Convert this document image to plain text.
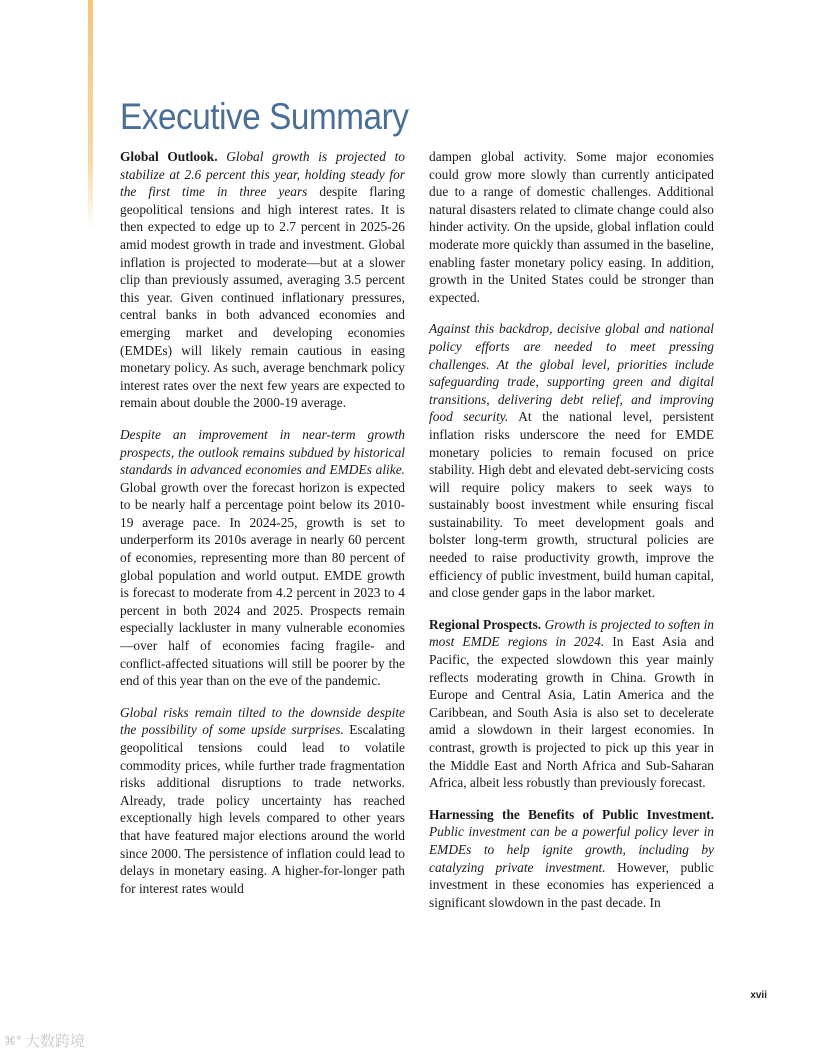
Executive Summary

Global Outlook. Global growth is projected to stabilize at 2.6 percent this year, holding steady for the first time in three years despite flaring geopolitical tensions and high interest rates. It is then expected to edge up to 2.7 percent in 2025-26 amid modest growth in trade and investment. Global inflation is projected to moderate—but at a slower clip than previously assumed, averaging 3.5 percent this year. Given continued inflationary pressures, central banks in both advanced economies and emerging market and developing economies (EMDEs) will likely remain cautious in easing monetary policy. As such, average benchmark policy interest rates over the next few years are expected to remain about double the 2000-19 average.

Despite an improvement in near-term growth prospects, the outlook remains subdued by historical standards in advanced economies and EMDEs alike. Global growth over the forecast horizon is expected to be nearly half a percentage point below its 2010-19 average pace. In 2024-25, growth is set to underperform its 2010s average in nearly 60 percent of economies, representing more than 80 percent of global population and world output. EMDE growth is forecast to moderate from 4.2 percent in 2023 to 4 percent in both 2024 and 2025. Prospects remain especially lackluster in many vulnerable economies—over half of economies facing fragile- and conflict-affected situations will still be poorer by the end of this year than on the eve of the pandemic.

Global risks remain tilted to the downside despite the possibility of some upside surprises. Escalating geopolitical tensions could lead to volatile commodity prices, while further trade fragmentation risks additional disruptions to trade networks. Already, trade policy uncertainty has reached exceptionally high levels compared to other years that have featured major elections around the world since 2000. The persistence of inflation could lead to delays in monetary easing. A higher-for-longer path for interest rates would

dampen global activity. Some major economies could grow more slowly than currently anticipated due to a range of domestic challenges. Additional natural disasters related to climate change could also hinder activity. On the upside, global inflation could moderate more quickly than assumed in the baseline, enabling faster monetary policy easing. In addition, growth in the United States could be stronger than expected.

Against this backdrop, decisive global and national policy efforts are needed to meet pressing challenges. At the global level, priorities include safeguarding trade, supporting green and digital transitions, delivering debt relief, and improving food security. At the national level, persistent inflation risks underscore the need for EMDE monetary policies to remain focused on price stability. High debt and elevated debt-servicing costs will require policy makers to seek ways to sustainably boost investment while ensuring fiscal sustainability. To meet development goals and bolster long-term growth, structural policies are needed to raise productivity growth, improve the efficiency of public investment, build human capital, and close gender gaps in the labor market.

Regional Prospects. Growth is projected to soften in most EMDE regions in 2024. In East Asia and Pacific, the expected slowdown this year mainly reflects moderating growth in China. Growth in Europe and Central Asia, Latin America and the Caribbean, and South Asia is also set to decelerate amid a slowdown in their largest economies. In contrast, growth is projected to pick up this year in the Middle East and North Africa and Sub-Saharan Africa, albeit less robustly than previously forecast.

Harnessing the Benefits of Public Investment. Public investment can be a powerful policy lever in EMDEs to help ignite growth, including by catalyzing private investment. However, public investment in these economies has experienced a significant slowdown in the past decade. In

xvii
⌘° 大数跨境
